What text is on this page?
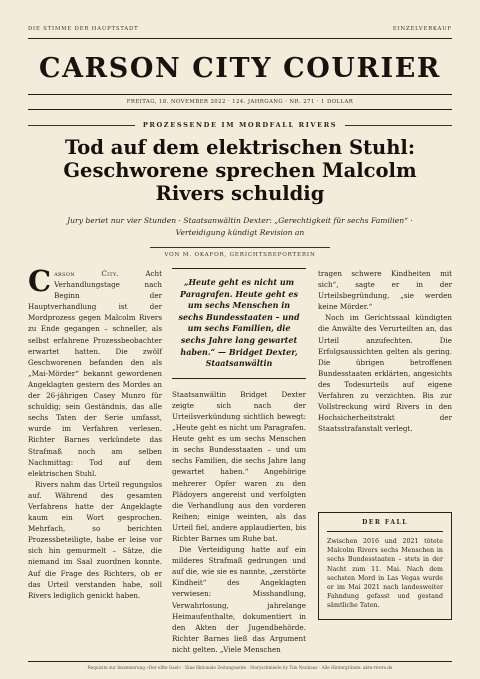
DIE STIMME DER HAUPTSTADT	EINZELVERKAUF
CARSON CITY COURIER
FREITAG, 18. NOVEMBER 2022 · 124. JAHRGANG · NR. 271 · 1 DOLLAR
PROZESSENDE IM MORDFALL RIVERS
Tod auf dem elektrischen Stuhl: Geschworene sprechen Malcolm Rivers schuldig
Jury beriet nur vier Stunden · Staatsanwältin Dexter: „Gerechtigkeit für sechs Familien“ · Verteidigung kündigt Revision an
VON M. OKAFOR, GERICHTSREPORTERIN

Carson City. Acht Verhandlungstage nach Beginn der Hauptverhandlung ist der Mordprozess gegen Malcolm Rivers zu Ende gegangen – schneller, als selbst erfahrene Prozessbeobachter erwartet hatten. Die zwölf Geschworenen befanden den als „Mai-Mörder“ bekannt gewordenen Angeklagten gestern des Mordes an der 26-jährigen Casey Munro für schuldig; sein Geständnis, das alle sechs Taten der Serie umfasst, wurde im Verfahren verlesen. Richter Barnes verkündete das Strafmaß noch am selben Nachmittag: Tod auf dem elektrischen Stuhl.

Rivers nahm das Urteil regungslos auf. Während des gesamten Verfahrens hatte der Angeklagte kaum ein Wort gesprochen. Mehrfach, so berichten Prozessbeteiligte, habe er leise vor sich hin gemurmelt – Sätze, die niemand im Saal zuordnen konnte. Auf die Frage des Richters, ob er das Urteil verstanden habe, soll Rivers lediglich genickt haben.

„Heute geht es nicht um Paragrafen. Heute geht es um sechs Menschen in sechs Bundesstaaten – und um sechs Familien, die sechs Jahre lang gewartet haben.“ — Bridget Dexter, Staatsanwältin

Staatsanwältin Bridget Dexter zeigte sich nach der Urteilsverkündung sichtlich bewegt: „Heute geht es nicht um Paragrafen. Heute geht es um sechs Menschen in sechs Bundesstaaten – und um sechs Familien, die sechs Jahre lang gewartet haben.“ Angehörige mehrerer Opfer waren zu den Plädoyers angereist und verfolgten die Verhandlung aus den vorderen Reihen; einige weinten, als das Urteil fiel, andere applaudierten, bis Richter Barnes um Ruhe bat.

Die Verteidigung hatte auf ein milderes Strafmaß gedrungen und auf die, wie sie es nannte, „zerstörte Kindheit“ des Angeklagten verwiesen: Misshandlung, Verwahrlosung, jahrelange Heimaufenthalte, dokumentiert in den Akten der Jugendbehörde. Richter Barnes ließ das Argument nicht gelten. „Viele Menschen

tragen schwere Kindheiten mit sich“, sagte er in der Urteilsbegründung, „sie werden keine Mörder.“

Noch im Gerichtssaal kündigten die Anwälte des Verurteilten an, das Urteil anzufechten. Die Erfolgsaussichten gelten als gering. Die übrigen betroffenen Bundesstaaten erklärten, angesichts des Todesurteils auf eigene Verfahren zu verzichten. Bis zur Vollstreckung wird Rivers in den Hochsicherheitstrakt der Staatsstrafanstalt verlegt.

DER FALL
Zwischen 2016 und 2021 tötete Malcolm Rivers sechs Menschen in sechs Bundesstaaten – stets in der Nacht zum 11. Mai. Nach dem sechsten Mord in Las Vegas wurde er im Mai 2021 nach landesweiter Fahndung gefasst und gestand sämtliche Taten.
Requisite zur Inszenierung »Der elfte Gast« · Eine fiktionale Zeitungsseite · Storyschmiede by Tim Neuhaus · Alle Hintergründe: akte-rivers.de
